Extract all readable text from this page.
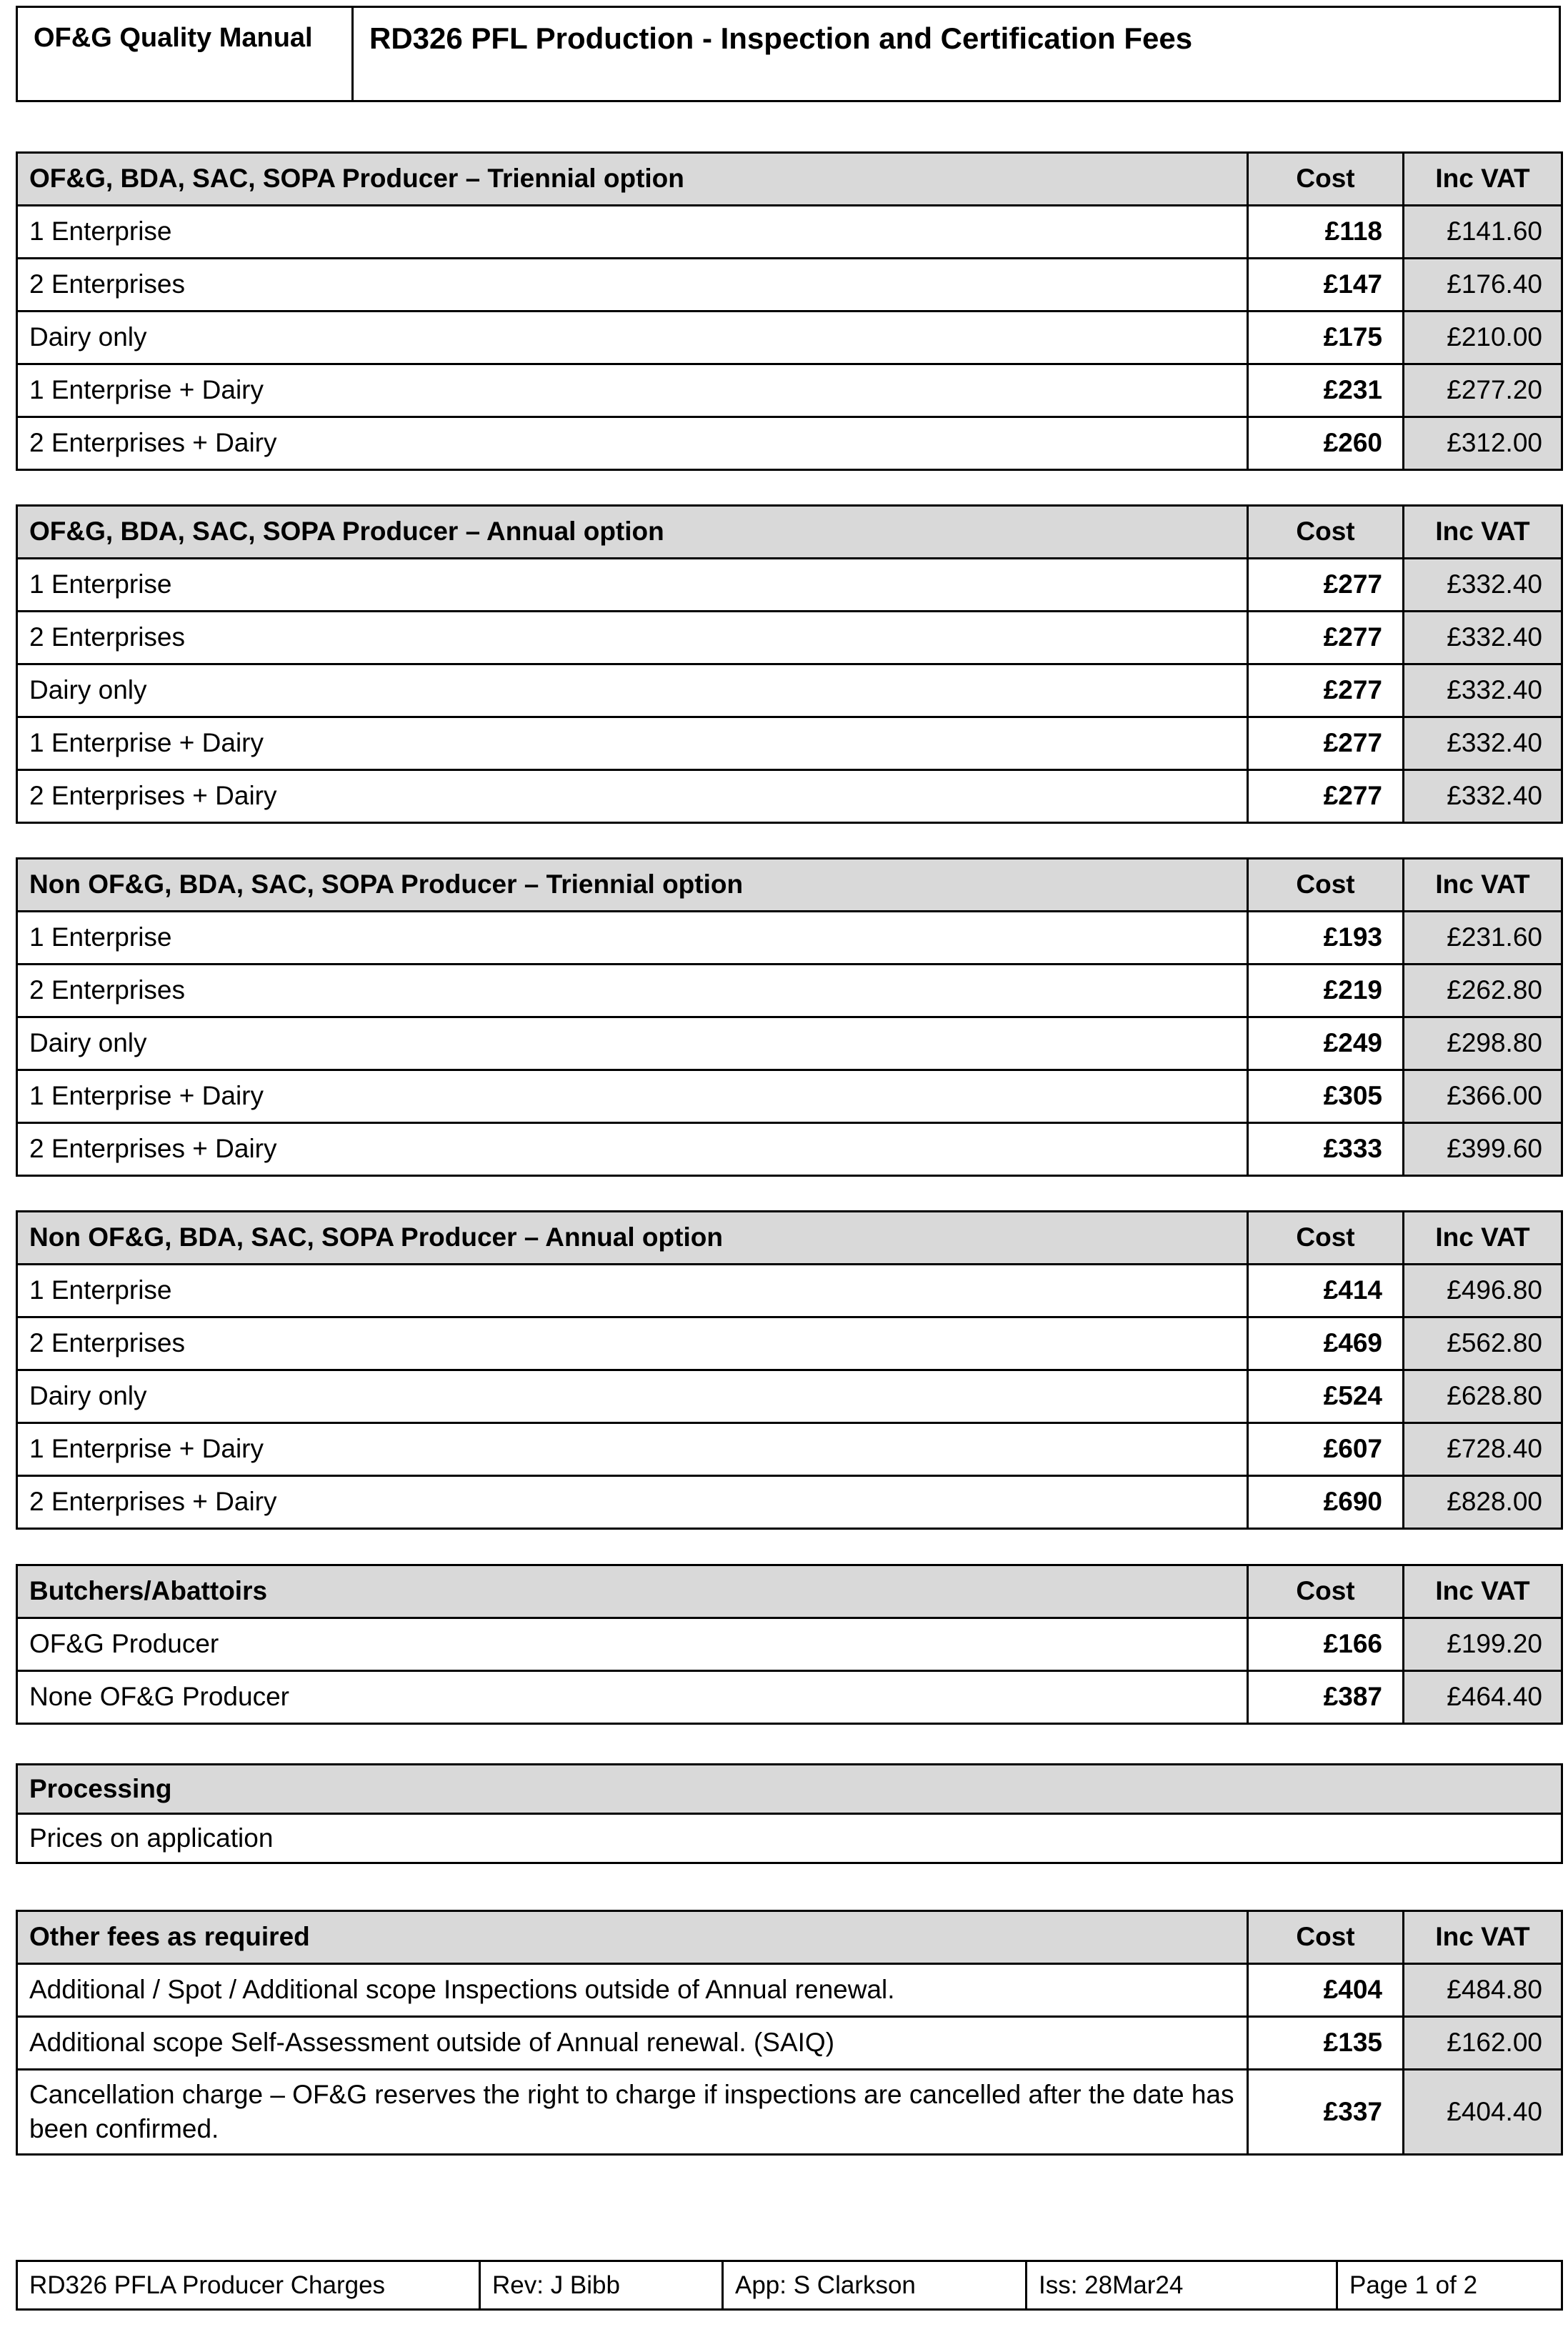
OF&G Quality Manual	RD326 PFL Production - Inspection and Certification Fees
OF&G, BDA, SAC, SOPA Producer – Triennial option	Cost	Inc VAT
1 Enterprise	£118	£141.60
2 Enterprises	£147	£176.40
Dairy only	£175	£210.00
1 Enterprise + Dairy	£231	£277.20
2 Enterprises + Dairy	£260	£312.00
OF&G, BDA, SAC, SOPA Producer – Annual option	Cost	Inc VAT
1 Enterprise	£277	£332.40
2 Enterprises	£277	£332.40
Dairy only	£277	£332.40
1 Enterprise + Dairy	£277	£332.40
2 Enterprises + Dairy	£277	£332.40
Non OF&G, BDA, SAC, SOPA Producer – Triennial option	Cost	Inc VAT
1 Enterprise	£193	£231.60
2 Enterprises	£219	£262.80
Dairy only	£249	£298.80
1 Enterprise + Dairy	£305	£366.00
2 Enterprises + Dairy	£333	£399.60
Non OF&G, BDA, SAC, SOPA Producer – Annual option	Cost	Inc VAT
1 Enterprise	£414	£496.80
2 Enterprises	£469	£562.80
Dairy only	£524	£628.80
1 Enterprise + Dairy	£607	£728.40
2 Enterprises + Dairy	£690	£828.00
Butchers/Abattoirs	Cost	Inc VAT
OF&G Producer	£166	£199.20
None OF&G Producer	£387	£464.40
Processing
Prices on application
Other fees as required	Cost	Inc VAT
Additional / Spot / Additional scope Inspections outside of Annual renewal.	£404	£484.80
Additional scope Self-Assessment outside of Annual renewal. (SAIQ)	£135	£162.00
Cancellation charge – OF&G reserves the right to charge if inspections are cancelled after the date has been confirmed.	£337	£404.40
RD326 PFLA Producer Charges	Rev: J Bibb	App: S Clarkson	Iss: 28Mar24	Page 1 of 2
